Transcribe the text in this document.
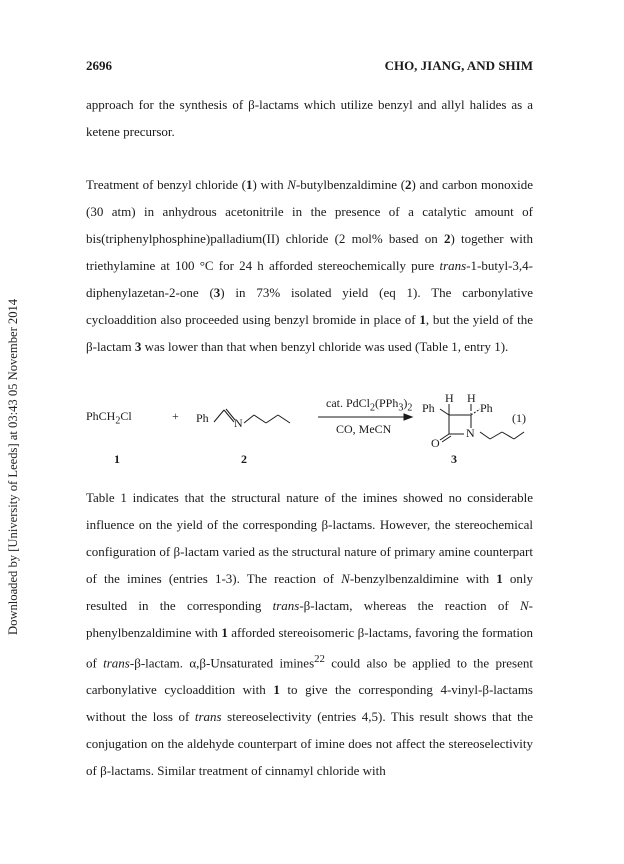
Downloaded by [University of Leeds] at 03:43 05 November 2014
2696	CHO, JIANG, AND SHIM

approach for the synthesis of β-lactams which utilize benzyl and allyl halides as a ketene precursor.

Treatment of benzyl chloride (1) with N-butylbenzaldimine (2) and carbon monoxide (30 atm) in anhydrous acetonitrile in the presence of a catalytic amount of bis(triphenylphosphine)palladium(II) chloride (2 mol% based on 2) together with triethylamine at 100 °C for 24 h afforded stereochemically pure trans-1-butyl-3,4-diphenylazetan-2-one (3) in 73% isolated yield (eq 1). The carbonylative cycloaddition also proceeded using benzyl bromide in place of 1, but the yield of the β-lactam 3 was lower than that when benzyl chloride was used (Table 1, entry 1).

PhCH$_2$Cl	+ Ph N
cat. $PdCl_2(PPh_3)_2$
CO, MeCN
H H
Ph	Ph
N
O
(1)
1	2	3

Table 1 indicates that the structural nature of the imines showed no considerable influence on the yield of the corresponding β-lactams. However, the stereochemical configuration of β-lactam varied as the structural nature of primary amine counterpart of the imines (entries 1-3). The reaction of N-benzylbenzaldimine with 1 only resulted in the corresponding trans-β-lactam, whereas the reaction of N-phenylbenzaldimine with 1 afforded stereoisomeric β-lactams, favoring the formation of trans-β-lactam. α,β-Unsaturated imines$^{22}$ could also be applied to the present carbonylative cycloaddition with 1 to give the corresponding 4-vinyl-β-lactams without the loss of trans stereoselectivity (entries 4,5). This result shows that the conjugation on the aldehyde counterpart of imine does not affect the stereoselectivity of β-lactams. Similar treatment of cinnamyl chloride with
